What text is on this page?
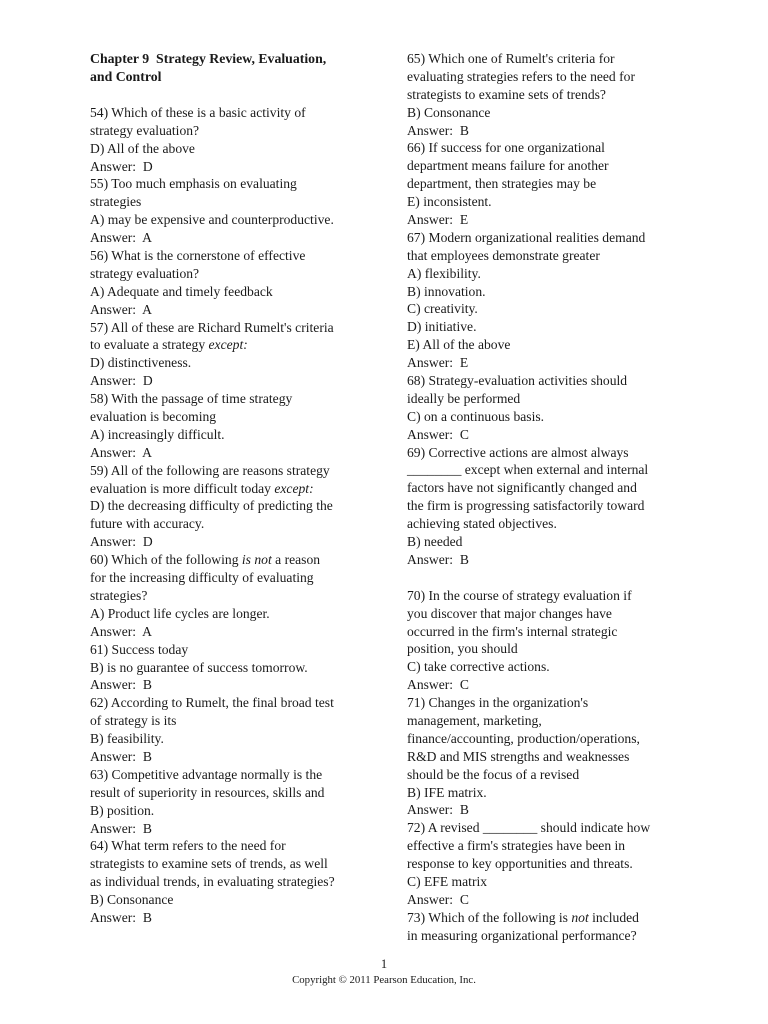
Chapter 9  Strategy Review, Evaluation,
and Control
54) Which of these is a basic activity of
strategy evaluation?
D) All of the above
Answer:  D
55) Too much emphasis on evaluating
strategies
A) may be expensive and counterproductive.
Answer:  A
56) What is the cornerstone of effective
strategy evaluation?
A) Adequate and timely feedback
Answer:  A
57) All of these are Richard Rumelt's criteria
to evaluate a strategy except:
D) distinctiveness.
Answer:  D
58) With the passage of time strategy
evaluation is becoming
A) increasingly difficult.
Answer:  A
59) All of the following are reasons strategy
evaluation is more difficult today except:
D) the decreasing difficulty of predicting the
future with accuracy.
Answer:  D
60) Which of the following is not a reason
for the increasing difficulty of evaluating
strategies?
A) Product life cycles are longer.
Answer:  A
61) Success today
B) is no guarantee of success tomorrow.
Answer:  B
62) According to Rumelt, the final broad test
of strategy is its
B) feasibility.
Answer:  B
63) Competitive advantage normally is the
result of superiority in resources, skills and
B) position.
Answer:  B
64) What term refers to the need for
strategists to examine sets of trends, as well
as individual trends, in evaluating strategies?
B) Consonance
Answer:  B
65) Which one of Rumelt's criteria for
evaluating strategies refers to the need for
strategists to examine sets of trends?
B) Consonance
Answer:  B
66) If success for one organizational
department means failure for another
department, then strategies may be
E) inconsistent.
Answer:  E
67) Modern organizational realities demand
that employees demonstrate greater
A) flexibility.
B) innovation.
C) creativity.
D) initiative.
E) All of the above
Answer:  E
68) Strategy-evaluation activities should
ideally be performed
C) on a continuous basis.
Answer:  C
69) Corrective actions are almost always
________ except when external and internal
factors have not significantly changed and
the firm is progressing satisfactorily toward
achieving stated objectives.
B) needed
Answer:  B
70) In the course of strategy evaluation if
you discover that major changes have
occurred in the firm's internal strategic
position, you should
C) take corrective actions.
Answer:  C
71) Changes in the organization's
management, marketing,
finance/accounting, production/operations,
R&D and MIS strengths and weaknesses
should be the focus of a revised
B) IFE matrix.
Answer:  B
72) A revised ________ should indicate how
effective a firm's strategies have been in
response to key opportunities and threats.
C) EFE matrix
Answer:  C
73) Which of the following is not included
in measuring organizational performance?
1
Copyright © 2011 Pearson Education, Inc.
